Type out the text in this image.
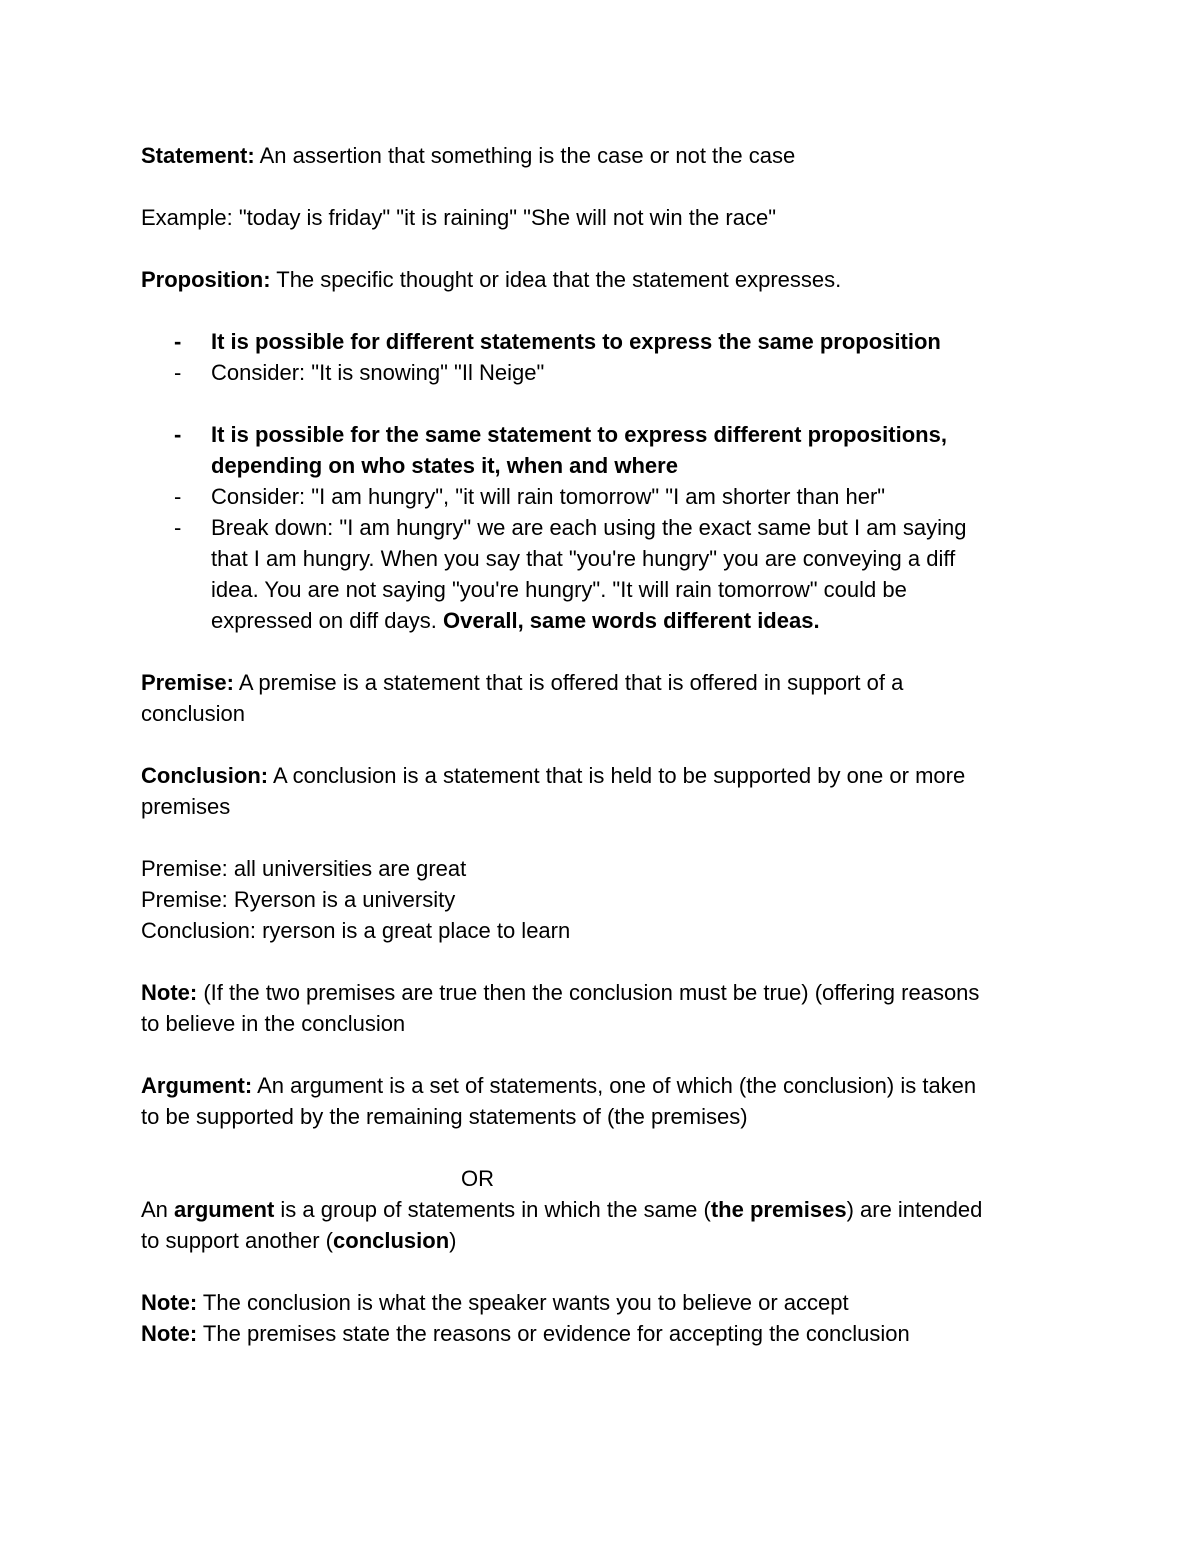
Statement: An assertion that something is the case or not the case
Example: "today is friday" "it is raining" "She will not win the race"
Proposition: The specific thought or idea that the statement expresses.
- It is possible for different statements to express the same proposition
- Consider: "It is snowing" "Il Neige"
- It is possible for the same statement to express different propositions,
depending on who states it, when and where
- Consider: "I am hungry", "it will rain tomorrow" "I am shorter than her"
- Break down: "I am hungry" we are each using the exact same but I am saying
that I am hungry. When you say that "you're hungry" you are conveying a diff
idea. You are not saying "you're hungry". "It will rain tomorrow" could be
expressed on diff days. Overall, same words different ideas.
Premise: A premise is a statement that is offered that is offered in support of a
conclusion
Conclusion: A conclusion is a statement that is held to be supported by one or more
premises
Premise: all universities are great
Premise: Ryerson is a university
Conclusion: ryerson is a great place to learn
Note: (If the two premises are true then the conclusion must be true) (offering reasons
to believe in the conclusion
Argument: An argument is a set of statements, one of which (the conclusion) is taken
to be supported by the remaining statements of (the premises)
OR
An argument is a group of statements in which the same (the premises) are intended
to support another (conclusion)
Note: The conclusion is what the speaker wants you to believe or accept
Note: The premises state the reasons or evidence for accepting the conclusion
